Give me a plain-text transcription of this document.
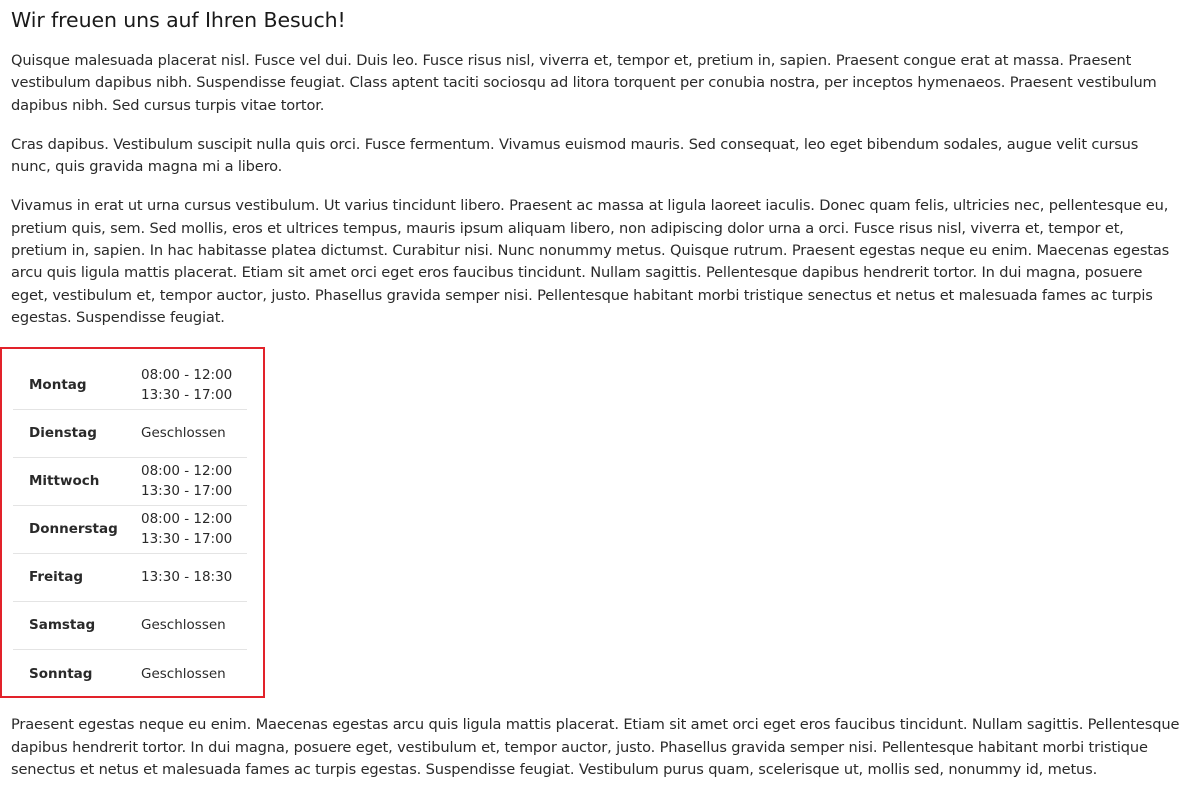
Wir freuen uns auf Ihren Besuch!

Quisque malesuada placerat nisl. Fusce vel dui. Duis leo. Fusce risus nisl, viverra et, tempor et, pretium in, sapien. Praesent congue erat at massa. Praesent vestibulum dapibus nibh. Suspendisse feugiat. Class aptent taciti sociosqu ad litora torquent per conubia nostra, per inceptos hymenaeos. Praesent vestibulum dapibus nibh. Sed cursus turpis vitae tortor.

Cras dapibus. Vestibulum suscipit nulla quis orci. Fusce fermentum. Vivamus euismod mauris. Sed consequat, leo eget bibendum sodales, augue velit cursus nunc, quis gravida magna mi a libero.

Vivamus in erat ut urna cursus vestibulum. Ut varius tincidunt libero. Praesent ac massa at ligula laoreet iaculis. Donec quam felis, ultricies nec, pellentesque eu, pretium quis, sem. Sed mollis, eros et ultrices tempus, mauris ipsum aliquam libero, non adipiscing dolor urna a orci. Fusce risus nisl, viverra et, tempor et, pretium in, sapien. In hac habitasse platea dictumst. Curabitur nisi. Nunc nonummy metus. Quisque rutrum. Praesent egestas neque eu enim. Maecenas egestas arcu quis ligula mattis placerat. Etiam sit amet orci eget eros faucibus tincidunt. Nullam sagittis. Pellentesque dapibus hendrerit tortor. In dui magna, posuere eget, vestibulum et, tempor auctor, justo. Phasellus gravida semper nisi. Pellentesque habitant morbi tristique senectus et netus et malesuada fames ac turpis egestas. Suspendisse feugiat.

Montag	08:00 - 12:00
13:30 - 17:00

Dienstag	Geschlossen

Mittwoch	08:00 - 12:00
13:30 - 17:00

Donnerstag	08:00 - 12:00
13:30 - 17:00

Freitag	13:30 - 18:30

Samstag	Geschlossen

Sonntag	Geschlossen

Praesent egestas neque eu enim. Maecenas egestas arcu quis ligula mattis placerat. Etiam sit amet orci eget eros faucibus tincidunt. Nullam sagittis. Pellentesque dapibus hendrerit tortor. In dui magna, posuere eget, vestibulum et, tempor auctor, justo. Phasellus gravida semper nisi. Pellentesque habitant morbi tristique senectus et netus et malesuada fames ac turpis egestas. Suspendisse feugiat. Vestibulum purus quam, scelerisque ut, mollis sed, nonummy id, metus.
